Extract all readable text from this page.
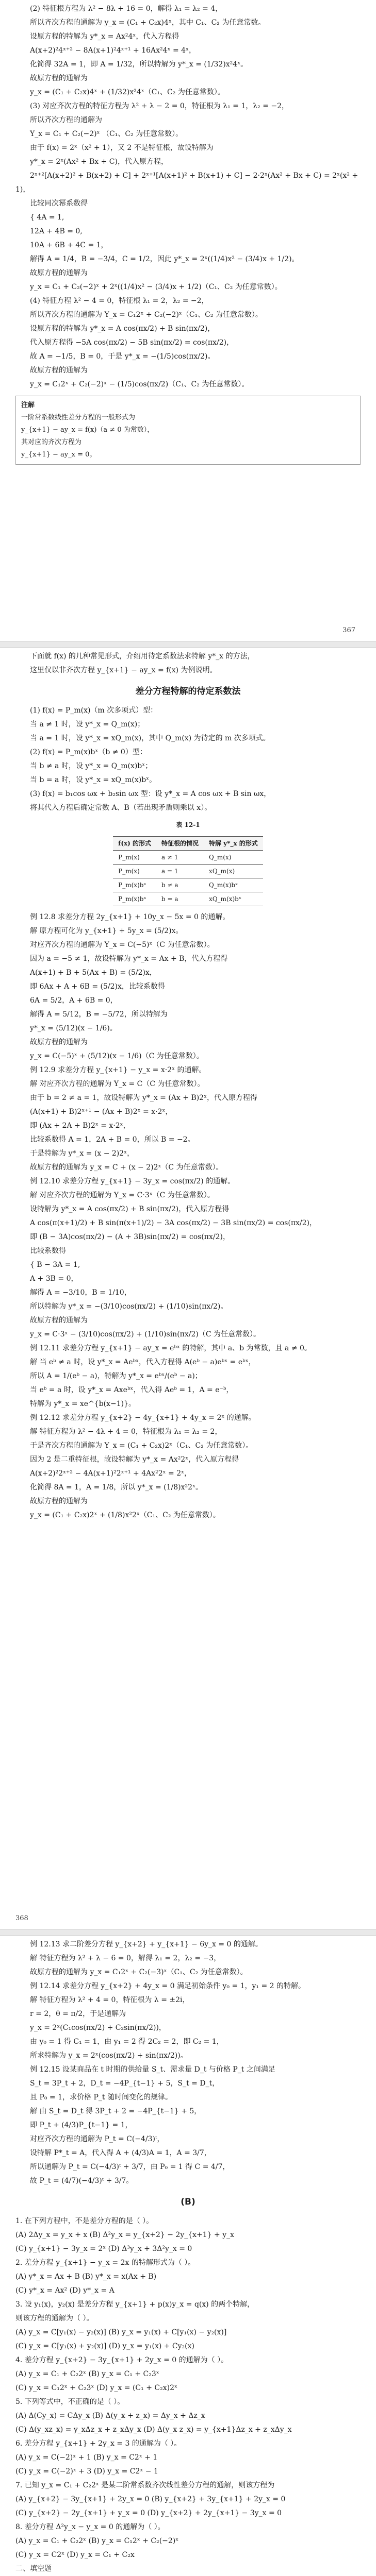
(2) 特征根方程为 λ² − 8λ + 16 = 0，解得 λ₁ = λ₂ = 4，

所以齐次方程的通解为 y_x = (C₁ + C₂x)4ˣ，其中 C₁、C₂ 为任意常数。

设原方程的特解为 y*_x = Ax²4ˣ，代入方程得

A(x+2)²4ˣ⁺² − 8A(x+1)²4ˣ⁺¹ + 16Ax²4ˣ = 4ˣ，

化简得 32A = 1，即 A = 1/32，所以特解为 y*_x = (1/32)x²4ˣ。

故原方程的通解为

y_x = (C₁ + C₂x)4ˣ + (1/32)x²4ˣ（C₁、C₂ 为任意常数）。

(3) 对应齐次方程的特征方程为 λ² + λ − 2 = 0，特征根为 λ₁ = 1，λ₂ = −2，

所以齐次方程的通解为

Y_x = C₁ + C₂(−2)ˣ （C₁、C₂ 为任意常数）。

由于 f(x) = 2ˣ（x² + 1），又 2 不是特征根，故设特解为

y*_x = 2ˣ(Ax² + Bx + C)，代入原方程，

2ˣ⁺²[A(x+2)² + B(x+2) + C] + 2ˣ⁺¹[A(x+1)² + B(x+1) + C] − 2·2ˣ(Ax² + Bx + C) = 2ˣ(x² + 1)，

比较同次幂系数得

{ 4A = 1,

12A + 4B = 0,

10A + 6B + 4C = 1，

解得 A = 1/4，B = −3/4，C = 1/2，因此 y*_x = 2ˣ((1/4)x² − (3/4)x + 1/2)。

故原方程的通解为

y_x = C₁ + C₂(−2)ˣ + 2ˣ((1/4)x² − (3/4)x + 1/2)（C₁、C₂ 为任意常数）。

(4) 特征方程 λ² − 4 = 0，特征根 λ₁ = 2，λ₂ = −2，

所以齐次方程的通解为 Y_x = C₁2ˣ + C₂(−2)ˣ（C₁、C₂ 为任意常数）。

设原方程的特解为 y*_x = A cos(πx/2) + B sin(πx/2)，

代入原方程得 −5A cos(πx/2) − 5B sin(πx/2) = cos(πx/2)，

故 A = −1/5，B = 0，于是 y*_x = −(1/5)cos(πx/2)。

故原方程的通解为

y_x = C₁2ˣ + C₂(−2)ˣ − (1/5)cos(πx/2)（C₁、C₂ 为任意常数）。

注解

一阶常系数线性差分方程的一般形式为

y_{x+1} − ay_x = f(x)（a ≠ 0 为常数），

其对应的齐次方程为

y_{x+1} − ay_x = 0。

367

下面就 f(x) 的几种常见形式，介绍用待定系数法求特解 y*_x 的方法，

这里仅以非齐次方程 y_{x+1} − ay_x = f(x) 为例说明。

差分方程特解的待定系数法

(1) f(x) = P_m(x)（m 次多项式）型：

当 a ≠ 1 时，设 y*_x = Q_m(x)；

当 a = 1 时，设 y*_x = xQ_m(x)，其中 Q_m(x) 为待定的 m 次多项式。

(2) f(x) = P_m(x)bˣ（b ≠ 0）型：

当 b ≠ a 时，设 y*_x = Q_m(x)bˣ；

当 b = a 时，设 y*_x = xQ_m(x)bˣ。

(3) f(x) = b₁cos ωx + b₂sin ωx 型：设 y*_x = A cos ωx + B sin ωx，

将其代入方程后确定常数 A、B（若出现矛盾则乘以 x）。

表 12-1
f(x) 的形式	特征根的情况	特解 y*_x 的形式
P_m(x)	a ≠ 1	Q_m(x)
P_m(x)	a = 1	xQ_m(x)
P_m(x)bˣ	b ≠ a	Q_m(x)bˣ
P_m(x)bˣ	b = a	xQ_m(x)bˣ

例 12.8 求差分方程 2y_{x+1} + 10y_x − 5x = 0 的通解。

解 原方程可化为 y_{x+1} + 5y_x = (5/2)x。

对应齐次方程的通解为 Y_x = C(−5)ˣ（C 为任意常数）。

因为 a = −5 ≠ 1，故设特解为 y*_x = Ax + B，代入方程得

A(x+1) + B + 5(Ax + B) = (5/2)x，

即 6Ax + A + 6B = (5/2)x，比较系数得

6A = 5/2，A + 6B = 0，

解得 A = 5/12，B = −5/72，所以特解为

y*_x = (5/12)(x − 1/6)。

故原方程的通解为

y_x = C(−5)ˣ + (5/12)(x − 1/6)（C 为任意常数）。

例 12.9 求差分方程 y_{x+1} − y_x = x·2ˣ 的通解。

解 对应齐次方程的通解为 Y_x = C（C 为任意常数）。

由于 b = 2 ≠ a = 1，故设特解为 y*_x = (Ax + B)2ˣ，代入原方程得

(A(x+1) + B)2ˣ⁺¹ − (Ax + B)2ˣ = x·2ˣ，

即 (Ax + 2A + B)2ˣ = x·2ˣ，

比较系数得 A = 1，2A + B = 0，所以 B = −2。

于是特解为 y*_x = (x − 2)2ˣ，

故原方程的通解为 y_x = C + (x − 2)2ˣ（C 为任意常数）。

例 12.10 求差分方程 y_{x+1} − 3y_x = cos(πx/2) 的通解。

解 对应齐次方程的通解为 Y_x = C·3ˣ（C 为任意常数）。

设特解为 y*_x = A cos(πx/2) + B sin(πx/2)，代入原方程得

A cos(π(x+1)/2) + B sin(π(x+1)/2) − 3A cos(πx/2) − 3B sin(πx/2) = cos(πx/2)，

即 (B − 3A)cos(πx/2) − (A + 3B)sin(πx/2) = cos(πx/2)，

比较系数得

{ B − 3A = 1,

A + 3B = 0，

解得 A = −3/10，B = 1/10，

所以特解为 y*_x = −(3/10)cos(πx/2) + (1/10)sin(πx/2)。

故原方程的通解为

y_x = C·3ˣ − (3/10)cos(πx/2) + (1/10)sin(πx/2)（C 为任意常数）。

例 12.11 求差分方程 y_{x+1} − ay_x = eᵇˣ 的特解，其中 a、b 为常数，且 a ≠ 0。

解 当 eᵇ ≠ a 时，设 y*_x = Aeᵇˣ，代入方程得 A(eᵇ − a)eᵇˣ = eᵇˣ，

所以 A = 1/(eᵇ − a)，特解为 y*_x = eᵇˣ/(eᵇ − a)；

当 eᵇ = a 时，设 y*_x = Axeᵇˣ，代入得 Aeᵇ = 1，A = e⁻ᵇ，

特解为 y*_x = xe^{b(x−1)}。

例 12.12 求差分方程 y_{x+2} − 4y_{x+1} + 4y_x = 2ˣ 的通解。

解 特征方程为 λ² − 4λ + 4 = 0，特征根为 λ₁ = λ₂ = 2，

于是齐次方程的通解为 Y_x = (C₁ + C₂x)2ˣ（C₁、C₂ 为任意常数）。

因为 2 是二重特征根，故设特解为 y*_x = Ax²2ˣ，代入原方程得

A(x+2)²2ˣ⁺² − 4A(x+1)²2ˣ⁺¹ + 4Ax²2ˣ = 2ˣ，

化简得 8A = 1，A = 1/8，所以 y*_x = (1/8)x²2ˣ。

故原方程的通解为

y_x = (C₁ + C₂x)2ˣ + (1/8)x²2ˣ（C₁、C₂ 为任意常数）。

368

例 12.13 求二阶差分方程 y_{x+2} + y_{x+1} − 6y_x = 0 的通解。

解 特征方程为 λ² + λ − 6 = 0，解得 λ₁ = 2，λ₂ = −3，

故原方程的通解为 y_x = C₁2ˣ + C₂(−3)ˣ（C₁、C₂ 为任意常数）。

例 12.14 求差分方程 y_{x+2} + 4y_x = 0 满足初始条件 y₀ = 1，y₁ = 2 的特解。

解 特征方程为 λ² + 4 = 0，特征根为 λ = ±2i，

r = 2，θ = π/2，于是通解为

y_x = 2ˣ(C₁cos(πx/2) + C₂sin(πx/2))，

由 y₀ = 1 得 C₁ = 1，由 y₁ = 2 得 2C₂ = 2，即 C₂ = 1，

所求特解为 y_x = 2ˣ(cos(πx/2) + sin(πx/2))。

例 12.15 设某商品在 t 时期的供给量 S_t、需求量 D_t 与价格 P_t 之间满足

S_t = 3P_t + 2，D_t = −4P_{t−1} + 5，S_t = D_t，

且 P₀ = 1，求价格 P_t 随时间变化的规律。

解 由 S_t = D_t 得 3P_t + 2 = −4P_{t−1} + 5，

即 P_t + (4/3)P_{t−1} = 1，

对应齐次方程的通解为 P_t = C(−4/3)ᵗ，

设特解 P*_t = A，代入得 A + (4/3)A = 1，A = 3/7，

所以通解为 P_t = C(−4/3)ᵗ + 3/7，由 P₀ = 1 得 C = 4/7，

故 P_t = (4/7)(−4/3)ᵗ + 3/7。

(B)

1. 在下列方程中，不是差分方程的是（ ）。

(A) 2Δy_x = y_x + x (B) Δ²y_x = y_{x+2} − 2y_{x+1} + y_x

(C) y_{x+1} − 3y_x = 2ˣ (D) Δ³y_x + 3Δ²y_x = 0

2. 差分方程 y_{x+1} − y_x = 2x 的特解形式为（ ）。

(A) y*_x = Ax + B (B) y*_x = x(Ax + B)

(C) y*_x = Ax² (D) y*_x = A

3. 设 y₁(x)，y₂(x) 是差分方程 y_{x+1} + p(x)y_x = q(x) 的两个特解，

则该方程的通解为（ ）。

(A) y_x = C[y₁(x) − y₂(x)] (B) y_x = y₁(x) + C[y₁(x) − y₂(x)]

(C) y_x = C[y₁(x) + y₂(x)] (D) y_x = y₁(x) + Cy₂(x)

4. 差分方程 y_{x+2} − 3y_{x+1} + 2y_x = 0 的通解为（ ）。

(A) y_x = C₁ + C₂2ˣ (B) y_x = C₁ + C₂3ˣ

(C) y_x = C₁2ˣ + C₂3ˣ (D) y_x = (C₁ + C₂x)2ˣ

5. 下列等式中，不正确的是（ ）。

(A) Δ(Cy_x) = CΔy_x (B) Δ(y_x + z_x) = Δy_x + Δz_x

(C) Δ(y_xz_x) = y_xΔz_x + z_xΔy_x (D) Δ(y_x z_x) = y_{x+1}Δz_x + z_xΔy_x

6. 差分方程 y_{x+1} + 2y_x = 3 的通解为（ ）。

(A) y_x = C(−2)ˣ + 1 (B) y_x = C2ˣ + 1

(C) y_x = C(−2)ˣ + 3 (D) y_x = C2ˣ − 1

7. 已知 y_x = C₁ + C₂2ˣ 是某二阶常系数齐次线性差分方程的通解，则该方程为

(A) y_{x+2} − 3y_{x+1} + 2y_x = 0 (B) y_{x+2} + 3y_{x+1} + 2y_x = 0

(C) y_{x+2} − 2y_{x+1} + y_x = 0 (D) y_{x+2} + 2y_{x+1} − 3y_x = 0

8. 差分方程 Δ²y_x − y_x = 0 的通解为（ ）。

(A) y_x = C₁ + C₂2ˣ (B) y_x = C₁2ˣ + C₂(−2)ˣ

(C) y_x = C2ˣ (D) y_x = C₁ + C₂x

二、填空题
